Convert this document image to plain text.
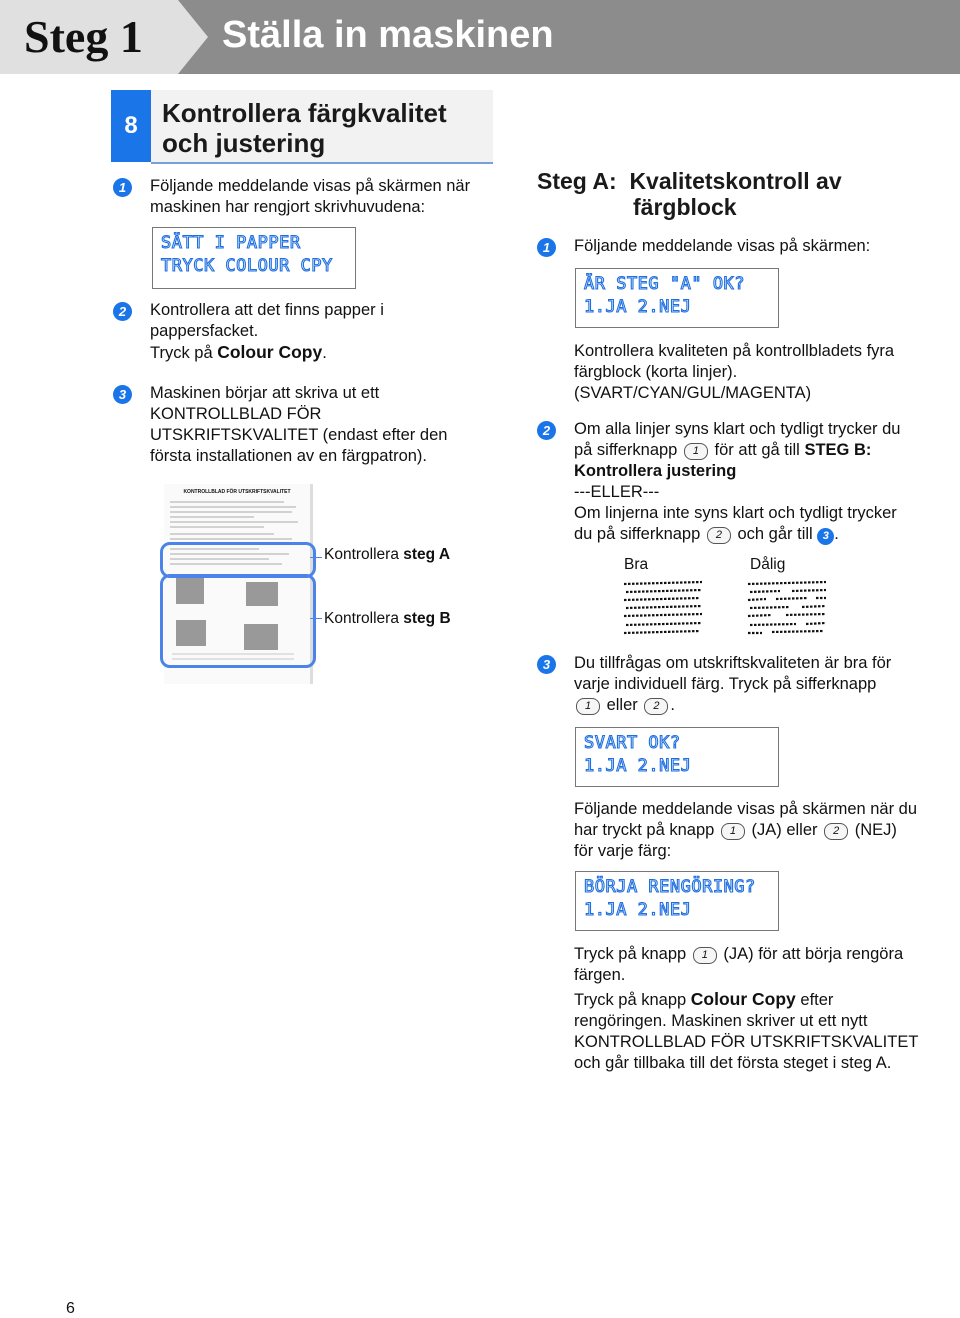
Steg 1 Ställa in maskinen
8 Kontrollera färgkvalitet och justering
1	Följande meddelande visas på skärmen när maskinen har rengjort skrivhuvudena:
SÄTT I PAPPER
TRYCK COLOUR CPY
2	Kontrollera att det finns papper i pappersfacket.
Tryck på Colour Copy.
3	Maskinen börjar att skriva ut ett KONTROLLBLAD FÖR UTSKRIFTSKVALITET (endast efter den första installationen av en färgpatron).
KONTROLLBLAD FÖR UTSKRIFTSKVALITET
Kontrollera steg A
Kontrollera steg B
Steg A: Kvalitetskontroll av
färgblock
1	Följande meddelande visas på skärmen:
ÄR STEG "A" OK?
1.JA 2.NEJ
Kontrollera kvaliteten på kontrollbladets fyra färgblock (korta linjer). (SVART/CYAN/GUL/MAGENTA)
2	Om alla linjer syns klart och tydligt trycker du på sifferknapp 1 för att gå till STEG B: Kontrollera justering
---ELLER---
Om linjerna inte syns klart och tydligt trycker du på sifferknapp 2 och går till 3 .
Bra	Dålig
3	Du tillfrågas om utskriftskvaliteten är bra för varje individuell färg. Tryck på sifferknapp
1 eller 2 .
SVART OK?
1.JA 2.NEJ
Följande meddelande visas på skärmen när du har tryckt på knapp 1 (JA) eller 2 (NEJ) för varje färg:
BÖRJA RENGÖRING?
1.JA 2.NEJ
Tryck på knapp 1 (JA) för att börja rengöra färgen.
Tryck på knapp Colour Copy efter rengöringen. Maskinen skriver ut ett nytt KONTROLLBLAD FÖR UTSKRIFTSKVALITET och går tillbaka till det första steget i steg A.
6
